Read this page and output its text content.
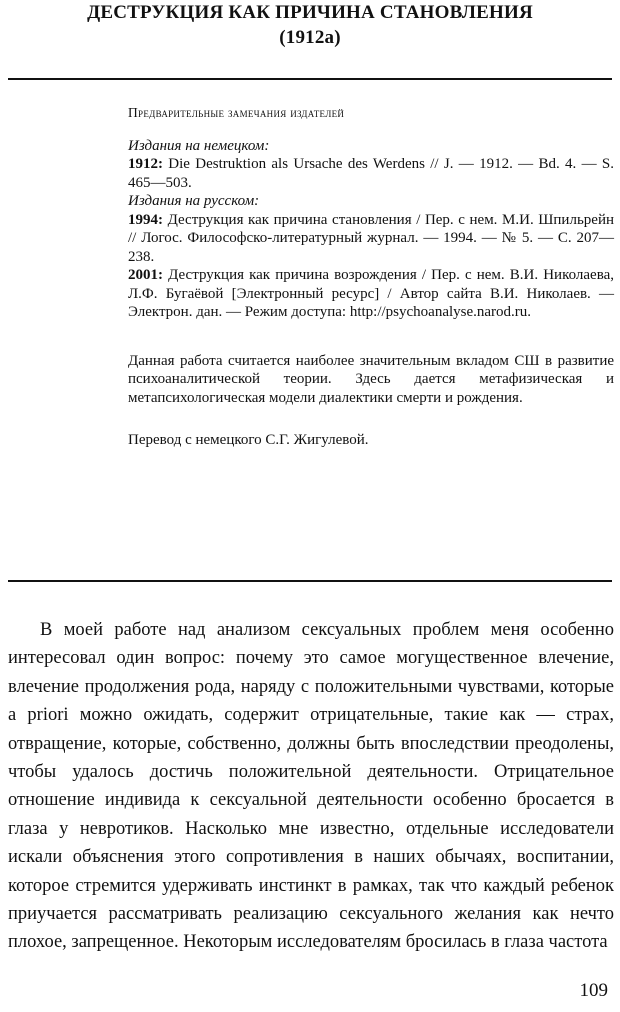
ДЕСТРУКЦИЯ КАК ПРИЧИНА СТАНОВЛЕНИЯ
(1912а)

Предварительные замечания издателей

Издания на немецком:

1912: Die Destruktion als Ursache des Werdens // J. — 1912. — Bd. 4. — S. 465—503.

Издания на русском:

1994: Деструкция как причина становления / Пер. с нем. М.И. Шпильрейн // Логос. Философско-литературный журнал. — 1994. — № 5. — С. 207—238.

2001: Деструкция как причина возрождения / Пер. с нем. В.И. Николаева, Л.Ф. Бугаёвой [Электронный ресурс] / Автор сайта В.И. Николаев. — Электрон. дан. — Режим доступа: http://psychoanalyse.narod.ru.

Данная работа считается наиболее значительным вкладом СШ в развитие психоаналитической теории. Здесь дается метафизическая и метапсихологическая модели диалектики смерти и рождения.

Перевод с немецкого С.Г. Жигулевой.

В моей работе над анализом сексуальных проблем меня особенно интересовал один вопрос: почему это самое могущественное влечение, влечение продолжения рода, наряду с положительными чувствами, которые a priori можно ожидать, содержит отрицательные, такие как — страх, отвращение, которые, собственно, должны быть впоследствии преодолены, чтобы удалось достичь положительной деятельности. Отрицательное отношение индивида к сексуальной деятельности особенно бросается в глаза у невротиков. Насколько мне известно, отдельные исследователи искали объяснения этого сопротивления в наших обычаях, воспитании, которое стремится удерживать инстинкт в рамках, так что каждый ребенок приучается рассматривать реализацию сексуального желания как нечто плохое, запрещенное. Некоторым исследователям бросилась в глаза частота

109
